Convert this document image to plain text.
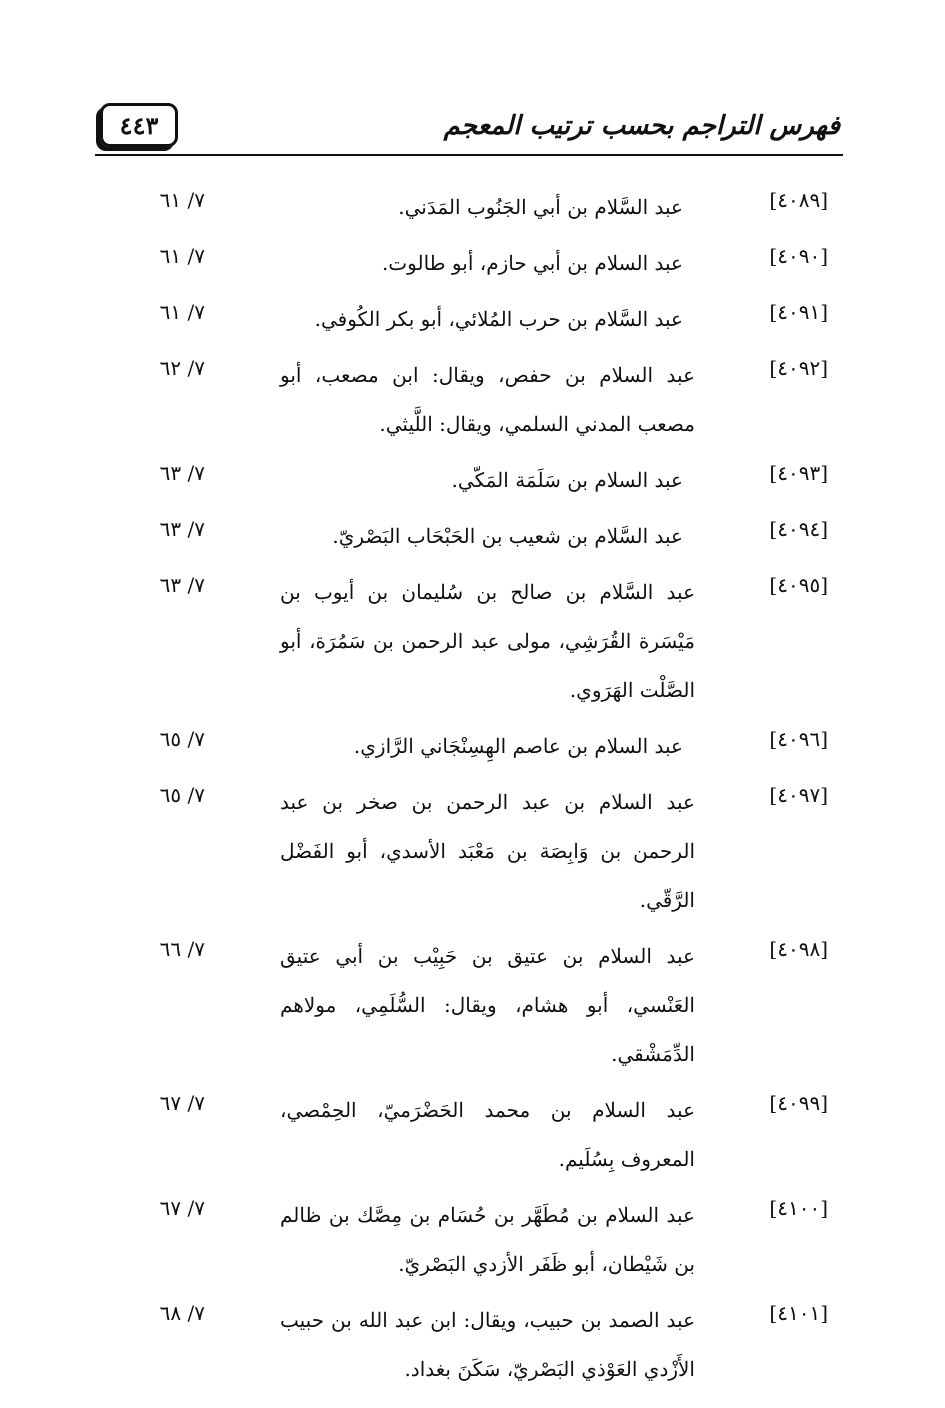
٤٤٣	فهرس التراجم بحسب ترتيب المعجم
[٤٠٨٩]
عبد السَّلام بن أبي الجَنُوب المَدَني.
٧/ ٦١
[٤٠٩٠]
عبد السلام بن أبي حازم، أبو طالوت.
٧/ ٦١
[٤٠٩١]
عبد السَّلام بن حرب المُلائي، أبو بكر الكُوفي.
٧/ ٦١
[٤٠٩٢]
عبد السلام بن حفص، ويقال: ابن مصعب، أبو مصعب المدني السلمي، ويقال: اللَّيثي.
٧/ ٦٢
[٤٠٩٣]
عبد السلام بن سَلَمَة المَكّي.
٧/ ٦٣
[٤٠٩٤]
عبد السَّلام بن شعيب بن الحَبْحَاب البَصْريّ.
٧/ ٦٣
[٤٠٩٥]
عبد السَّلام بن صالح بن سُليمان بن أيوب بن مَيْسَرة القُرَشِي، مولى عبد الرحمن بن سَمُرَة، أبو الصَّلْت الهَرَوي.
٧/ ٦٣
[٤٠٩٦]
عبد السلام بن عاصم الهِسِنْجَاني الرَّازي.
٧/ ٦٥
[٤٠٩٧]
عبد السلام بن عبد الرحمن بن صخر بن عبد الرحمن بن وَابِصَة بن مَعْبَد الأسدي، أبو الفَضْل الرَّقّي.
٧/ ٦٥
[٤٠٩٨]
عبد السلام بن عتيق بن حَبِيْب بن أبي عتيق العَنْسي، أبو هشام، ويقال: السُّلَمِي، مولاهم الدِّمَشْقي.
٧/ ٦٦
[٤٠٩٩]
عبد السلام بن محمد الحَضْرَميّ، الحِمْصي، المعروف بِسُلَيم.
٧/ ٦٧
[٤١٠٠]
عبد السلام بن مُطَهَّر بن حُسَام بن مِصَّك بن ظالم بن شَيْطان، أبو ظَفَر الأزدي البَصْريّ.
٧/ ٦٧
[٤١٠١]
عبد الصمد بن حبيب، ويقال: ابن عبد الله بن حبيب الأَزْدي العَوْذي البَصْريّ، سَكَنَ بغداد.
٧/ ٦٨
